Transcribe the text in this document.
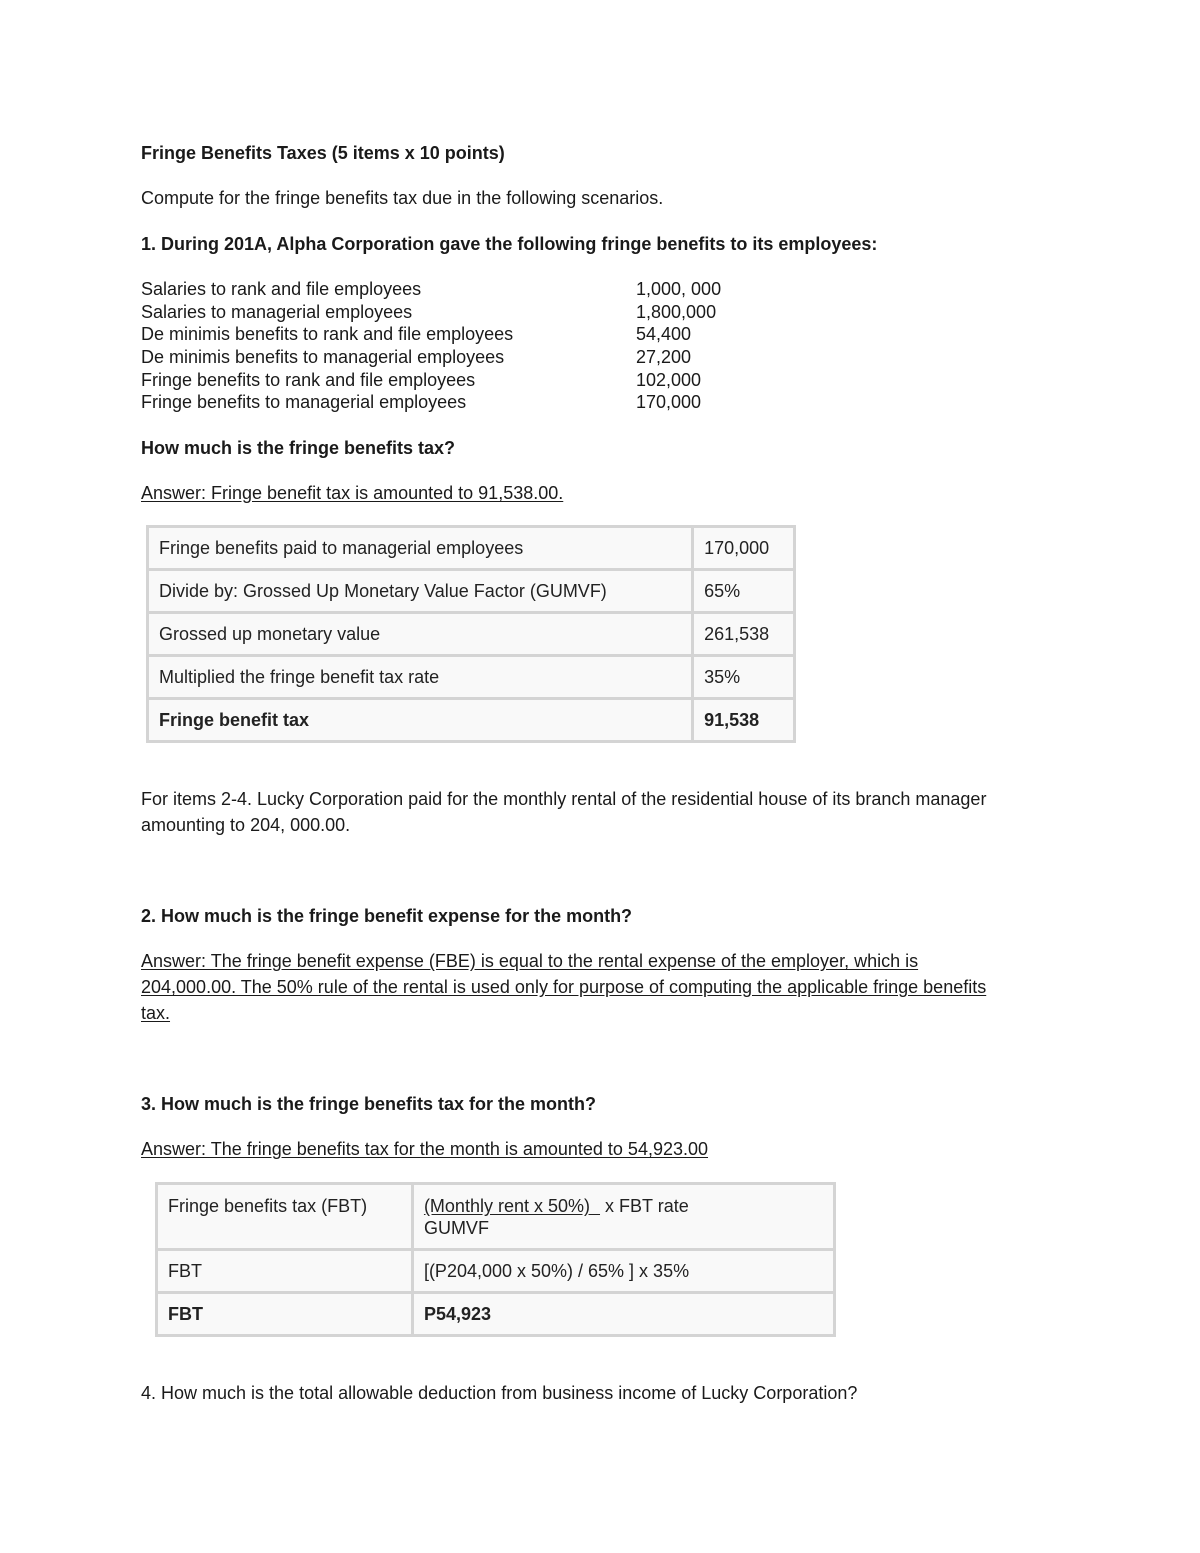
Fringe Benefits Taxes (5 items x 10 points)
Compute for the fringe benefits tax due in the following scenarios.
1. During 201A, Alpha Corporation gave the following fringe benefits to its employees:
Salaries to rank and file employees	1,000, 000
Salaries to managerial employees	1,800,000
De minimis benefits to rank and file employees	54,400
De minimis benefits to managerial employees	27,200
Fringe benefits to rank and file employees	102,000
Fringe benefits to managerial employees	170,000
How much is the fringe benefits tax?
Answer: Fringe benefit tax is amounted to 91,538.00.
Fringe benefits paid to managerial employees	170,000
Divide by: Grossed Up Monetary Value Factor (GUMVF)	65%
Grossed up monetary value	261,538
Multiplied the fringe benefit tax rate	35%
Fringe benefit tax	91,538
For items 2-4. Lucky Corporation paid for the monthly rental of the residential house of its branch manager amounting to 204, 000.00.
2. How much is the fringe benefit expense for the month?
Answer: The fringe benefit expense (FBE) is equal to the rental expense of the employer, which is 204,000.00. The 50% rule of the rental is used only for purpose of computing the applicable fringe benefits tax.
3. How much is the fringe benefits tax for the month?
Answer: The fringe benefits tax for the month is amounted to 54,923.00
Fringe benefits tax (FBT)	(Monthly rent x 50%) x FBT rate
GUMVF

FBT	[(P204,000 x 50%) / 65% ] x 35%
FBT	P54,923
4. How much is the total allowable deduction from business income of Lucky Corporation?
